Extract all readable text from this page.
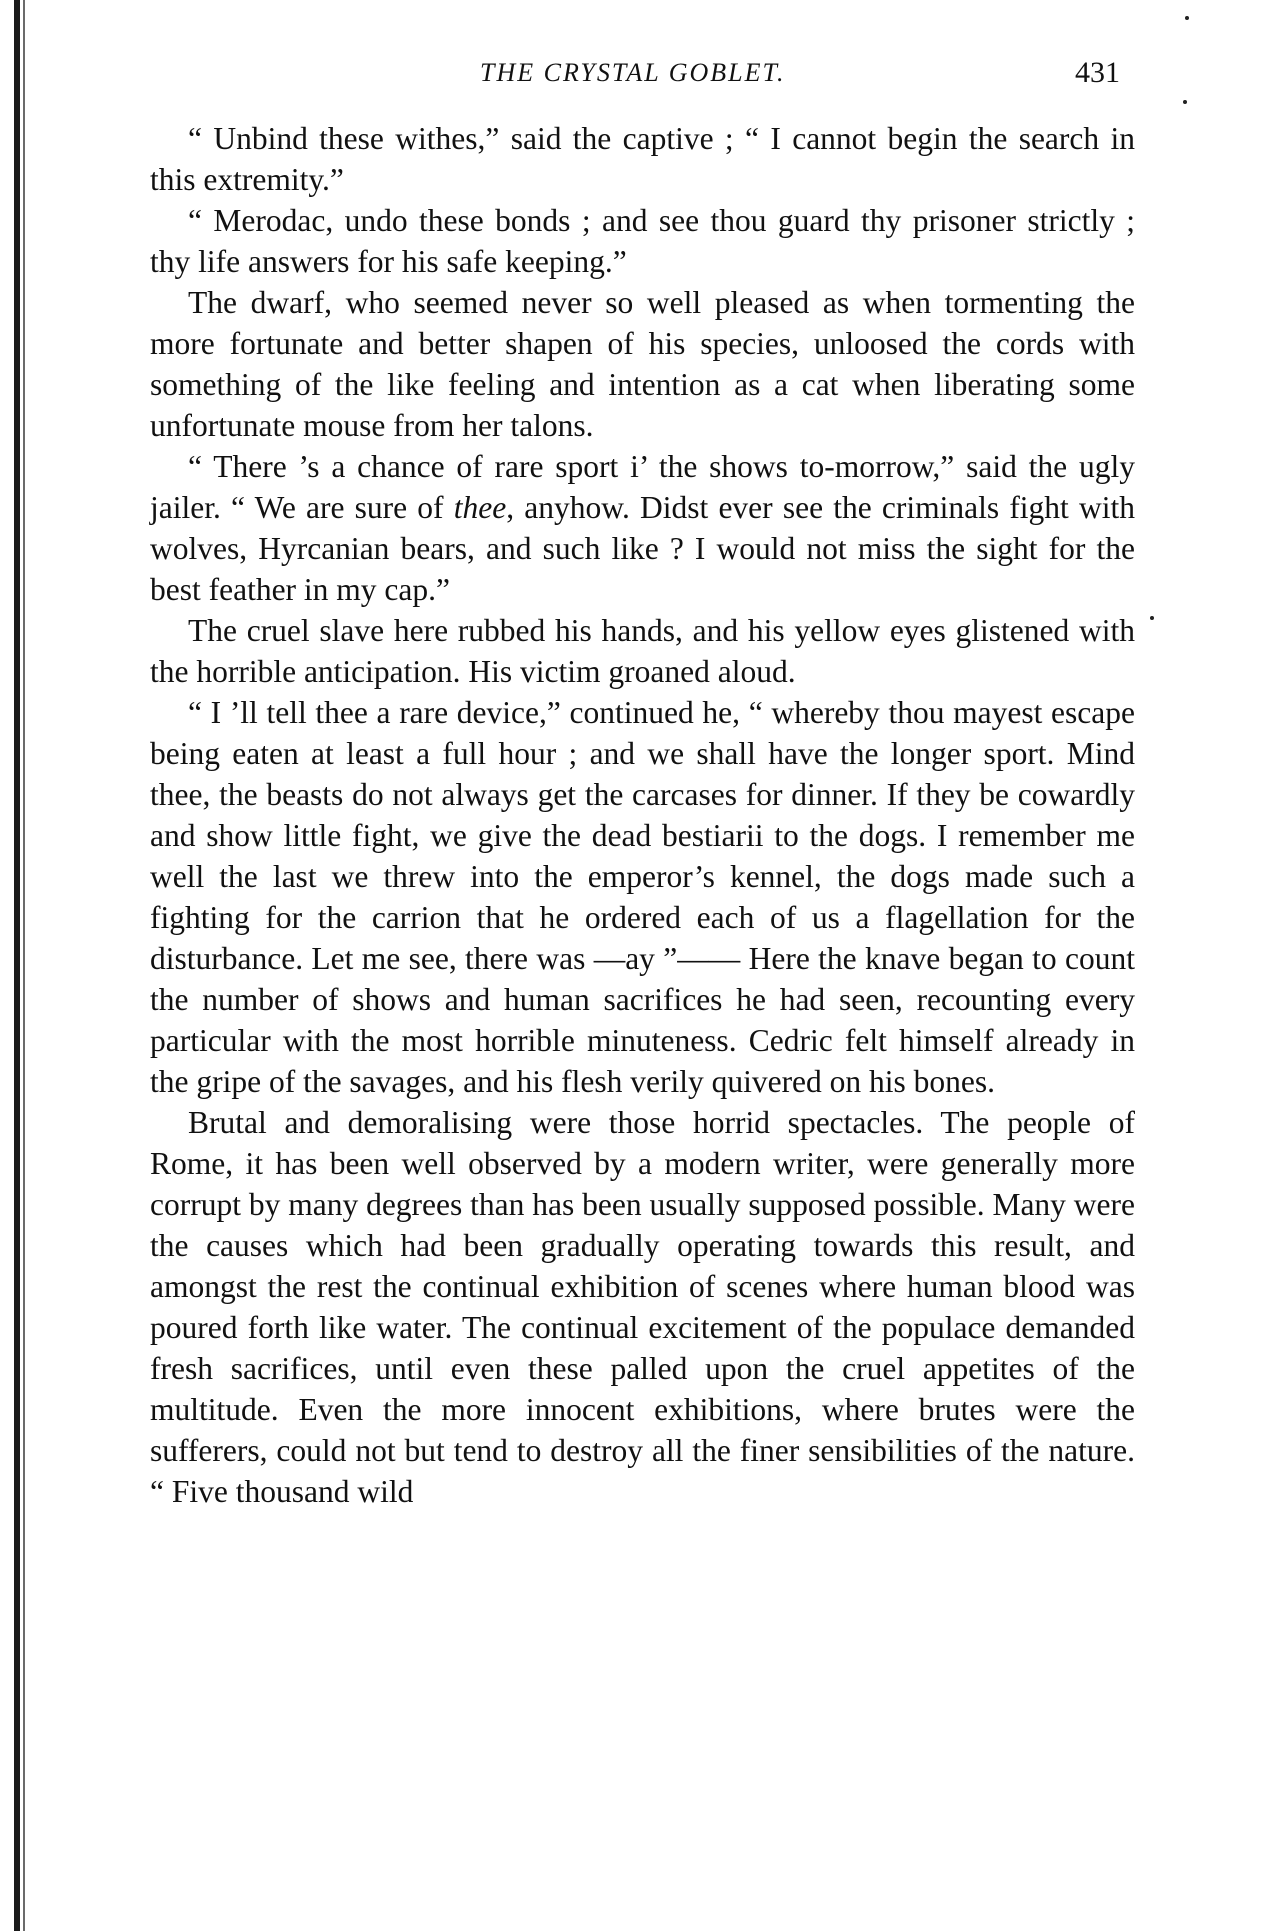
THE CRYSTAL GOBLET.	431

“ Unbind these withes,” said the captive ; “ I cannot begin the search in this extremity.”

“ Merodac, undo these bonds ; and see thou guard thy prisoner strictly ; thy life answers for his safe keeping.”

The dwarf, who seemed never so well pleased as when tormenting the more fortunate and better shapen of his species, unloosed the cords with something of the like feeling and intention as a cat when liberating some unfortunate mouse from her talons.

“ There ’s a chance of rare sport i’ the shows to-morrow,” said the ugly jailer. “ We are sure of thee, anyhow. Didst ever see the criminals fight with wolves, Hyrcanian bears, and such like ? I would not miss the sight for the best feather in my cap.”

The cruel slave here rubbed his hands, and his yellow eyes glistened with the horrible anticipation. His victim groaned aloud.

“ I ’ll tell thee a rare device,” continued he, “ whereby thou mayest escape being eaten at least a full hour ; and we shall have the longer sport. Mind thee, the beasts do not always get the carcases for dinner. If they be cowardly and show little fight, we give the dead bestiarii to the dogs. I remember me well the last we threw into the emperor’s kennel, the dogs made such a fighting for the carrion that he ordered each of us a flagellation for the disturbance. Let me see, there was —ay ”—— Here the knave began to count the number of shows and human sacrifices he had seen, recounting every particular with the most horrible minuteness. Cedric felt himself already in the gripe of the savages, and his flesh verily quivered on his bones.

Brutal and demoralising were those horrid spectacles. The people of Rome, it has been well observed by a modern writer, were generally more corrupt by many degrees than has been usually supposed possible. Many were the causes which had been gradually operating towards this result, and amongst the rest the continual exhibition of scenes where human blood was poured forth like water. The continual excitement of the populace demanded fresh sacrifices, until even these palled upon the cruel appetites of the multitude. Even the more innocent exhibitions, where brutes were the sufferers, could not but tend to destroy all the finer sensibilities of the nature. “ Five thousand wild
